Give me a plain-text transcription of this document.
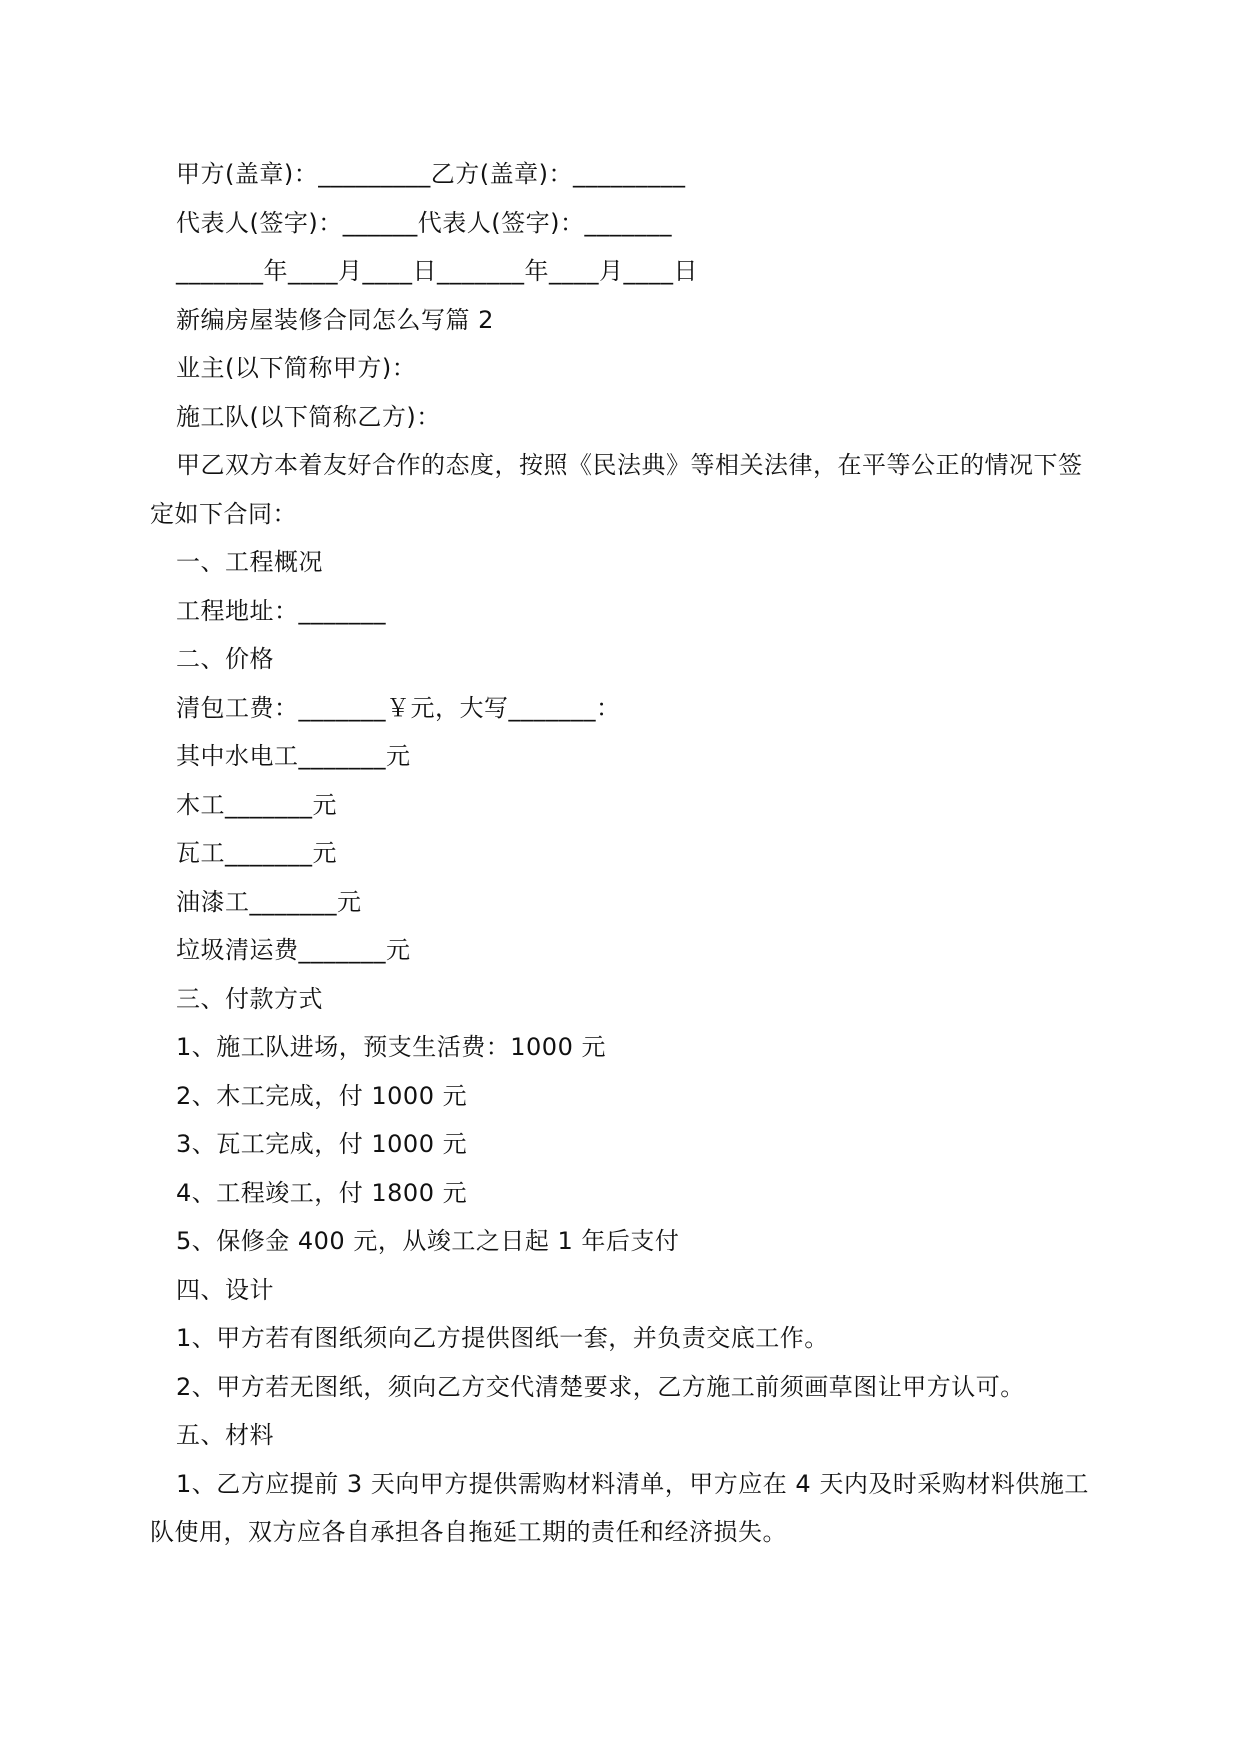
甲方(盖章)：_________乙方(盖章)：_________

代表人(签字)：______代表人(签字)：_______

_______年____月____日_______年____月____日

新编房屋装修合同怎么写篇 2

业主(以下简称甲方)：

施工队(以下简称乙方)：

甲乙双方本着友好合作的态度，按照《民法典》等相关法律，在平等公正的情况下签定如下合同：

一、工程概况

工程地址：_______

二、价格

清包工费：_______￥元，大写_______：

其中水电工_______元

木工_______元

瓦工_______元

油漆工_______元

垃圾清运费_______元

三、付款方式

1、施工队进场，预支生活费：1000 元

2、木工完成，付 1000 元

3、瓦工完成，付 1000 元

4、工程竣工，付 1800 元

5、保修金 400 元，从竣工之日起 1 年后支付

四、设计

1、甲方若有图纸须向乙方提供图纸一套，并负责交底工作。

2、甲方若无图纸，须向乙方交代清楚要求，乙方施工前须画草图让甲方认可。

五、材料

1、乙方应提前 3 天向甲方提供需购材料清单，甲方应在 4 天内及时采购材料供施工队使用，双方应各自承担各自拖延工期的责任和经济损失。
